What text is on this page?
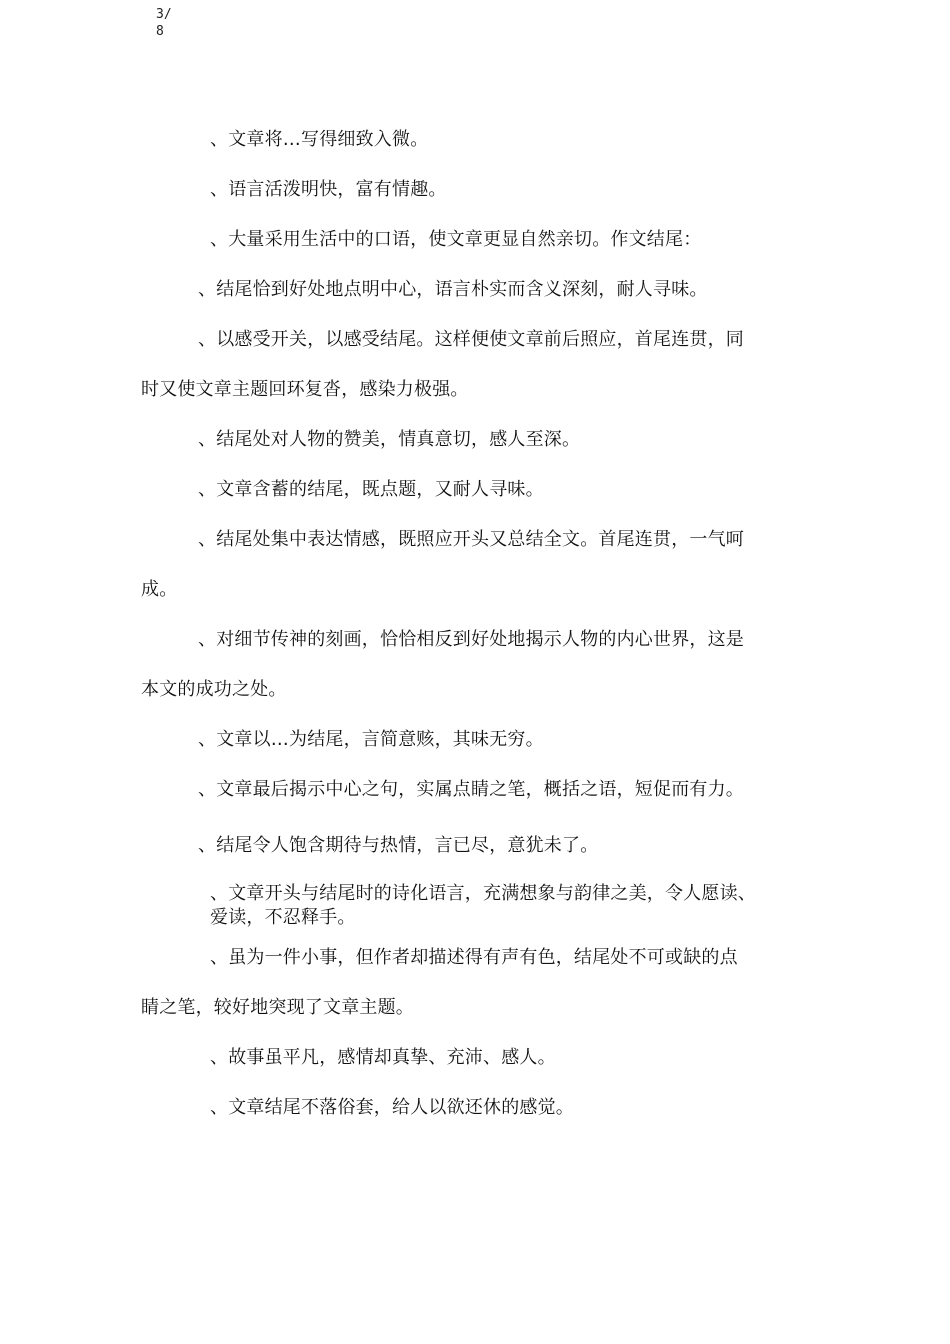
3/
8
、文章将…写得细致入微。
、语言活泼明快，富有情趣。
、大量采用生活中的口语，使文章更显自然亲切。作文结尾：
、结尾恰到好处地点明中心，语言朴实而含义深刻，耐人寻味。
、以感受开关，以感受结尾。这样便使文章前后照应，首尾连贯，同
时又使文章主题回环复沓，感染力极强。
、结尾处对人物的赞美，情真意切，感人至深。
、文章含蓄的结尾，既点题，又耐人寻味。
、结尾处集中表达情感，既照应开头又总结全文。首尾连贯，一气呵
成。
、对细节传神的刻画，恰恰相反到好处地揭示人物的内心世界，这是
本文的成功之处。
、文章以…为结尾，言简意赅，其味无穷。
、文章最后揭示中心之句，实属点睛之笔，概括之语，短促而有力。
、结尾令人饱含期待与热情，言已尽，意犹未了。
、文章开头与结尾时的诗化语言，充满想象与韵律之美，令人愿读、
爱读，不忍释手。
、虽为一件小事，但作者却描述得有声有色，结尾处不可或缺的点
睛之笔，较好地突现了文章主题。
、故事虽平凡，感情却真挚、充沛、感人。
、文章结尾不落俗套，给人以欲还休的感觉。
